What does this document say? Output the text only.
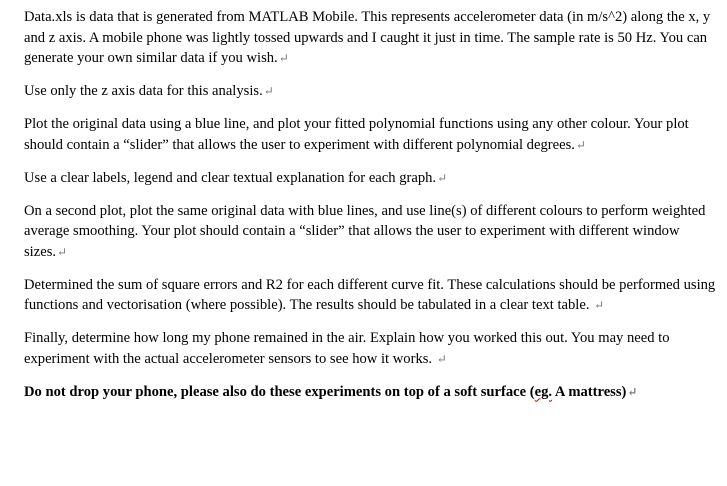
Data.xls is data that is generated from MATLAB Mobile. This represents accelerometer data (in m/s^2) along the x, y and z axis. A mobile phone was lightly tossed upwards and I caught it just in time. The sample rate is 50 Hz. You can generate your own similar data if you wish.↵

Use only the z axis data for this analysis.↵

Plot the original data using a blue line, and plot your fitted polynomial functions using any other colour. Your plot should contain a “slider” that allows the user to experiment with different polynomial degrees.↵

Use a clear labels, legend and clear textual explanation for each graph.↵

On a second plot, plot the same original data with blue lines, and use line(s) of different colours to perform weighted average smoothing. Your plot should contain a “slider” that allows the user to experiment with different window sizes.↵

Determined the sum of square errors and R2 for each different curve fit. These calculations should be performed using functions and vectorisation (where possible). The results should be tabulated in a clear text table. ↵

Finally, determine how long my phone remained in the air. Explain how you worked this out. You may need to experiment with the actual accelerometer sensors to see how it works. ↵

Do not drop your phone, please also do these experiments on top of a soft surface (eg. A mattress)↵
